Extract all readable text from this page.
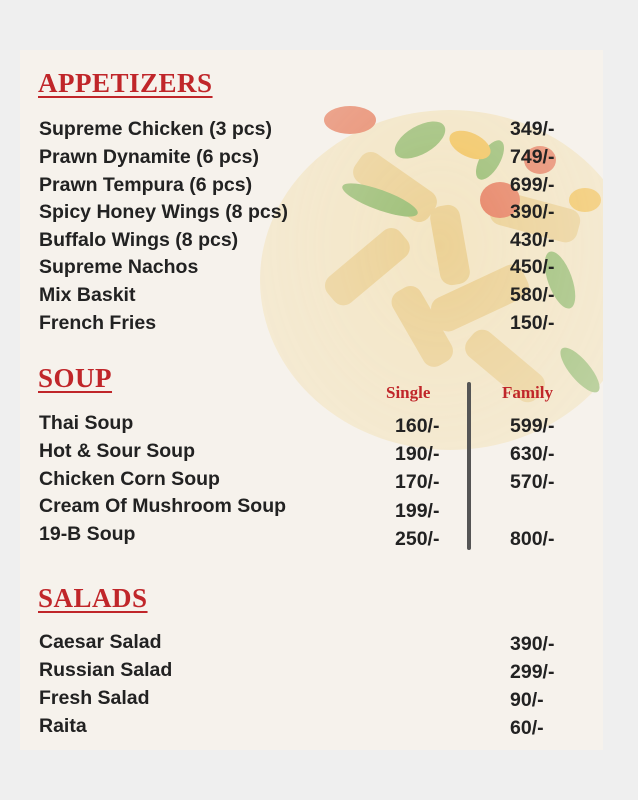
APPETIZERS
Supreme Chicken (3 pcs)	349/-
Prawn Dynamite (6 pcs)	749/-
Prawn Tempura (6 pcs)	699/-
Spicy Honey Wings (8 pcs)	390/-
Buffalo Wings (8 pcs)	430/-
Supreme Nachos	450/-
Mix Baskit	580/-
French Fries	150/-
SOUP	Single	Family
Thai Soup	160/-	599/-
Hot & Sour Soup	190/-	630/-
Chicken Corn Soup	170/-	570/-
Cream Of Mushroom Soup	199/-
19-B Soup	250/-	800/-
SALADS
Caesar Salad	390/-
Russian Salad	299/-
Fresh Salad	90/-
Raita	60/-
